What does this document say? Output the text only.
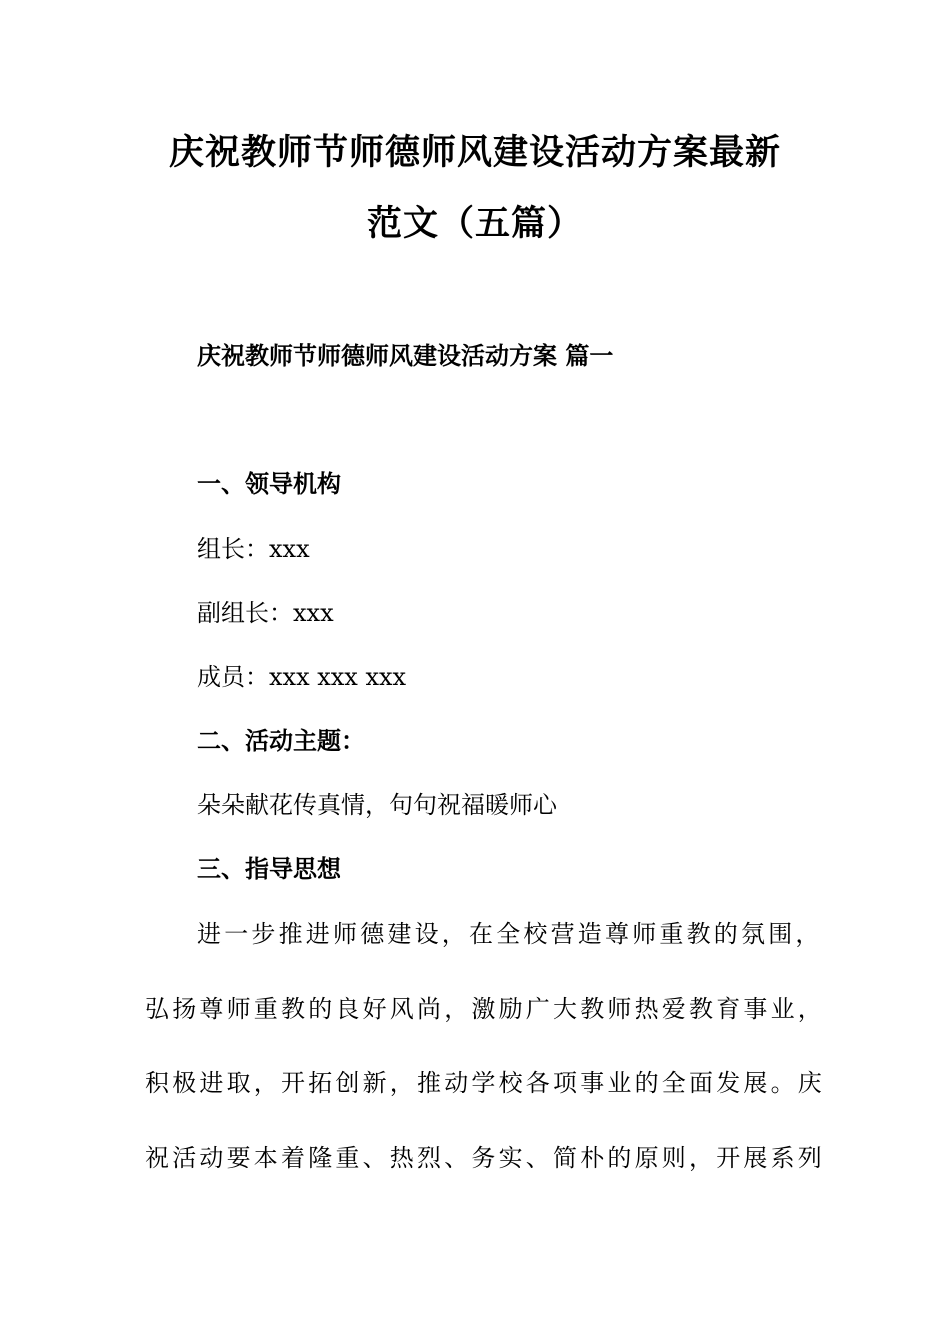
庆祝教师节师德师风建设活动方案最新
范文（五篇）
庆祝教师节师德师风建设活动方案 篇一
一、领导机构
组长：xxx
副组长：xxx
成员：xxx xxx xxx
二、活动主题：
朵朵献花传真情，句句祝福暖师心
三、指导思想
进一步推进师德建设，在全校营造尊师重教的氛围，
弘扬尊师重教的良好风尚，激励广大教师热爱教育事业，
积极进取，开拓创新，推动学校各项事业的全面发展。庆
祝活动要本着隆重、热烈、务实、简朴的原则，开展系列
